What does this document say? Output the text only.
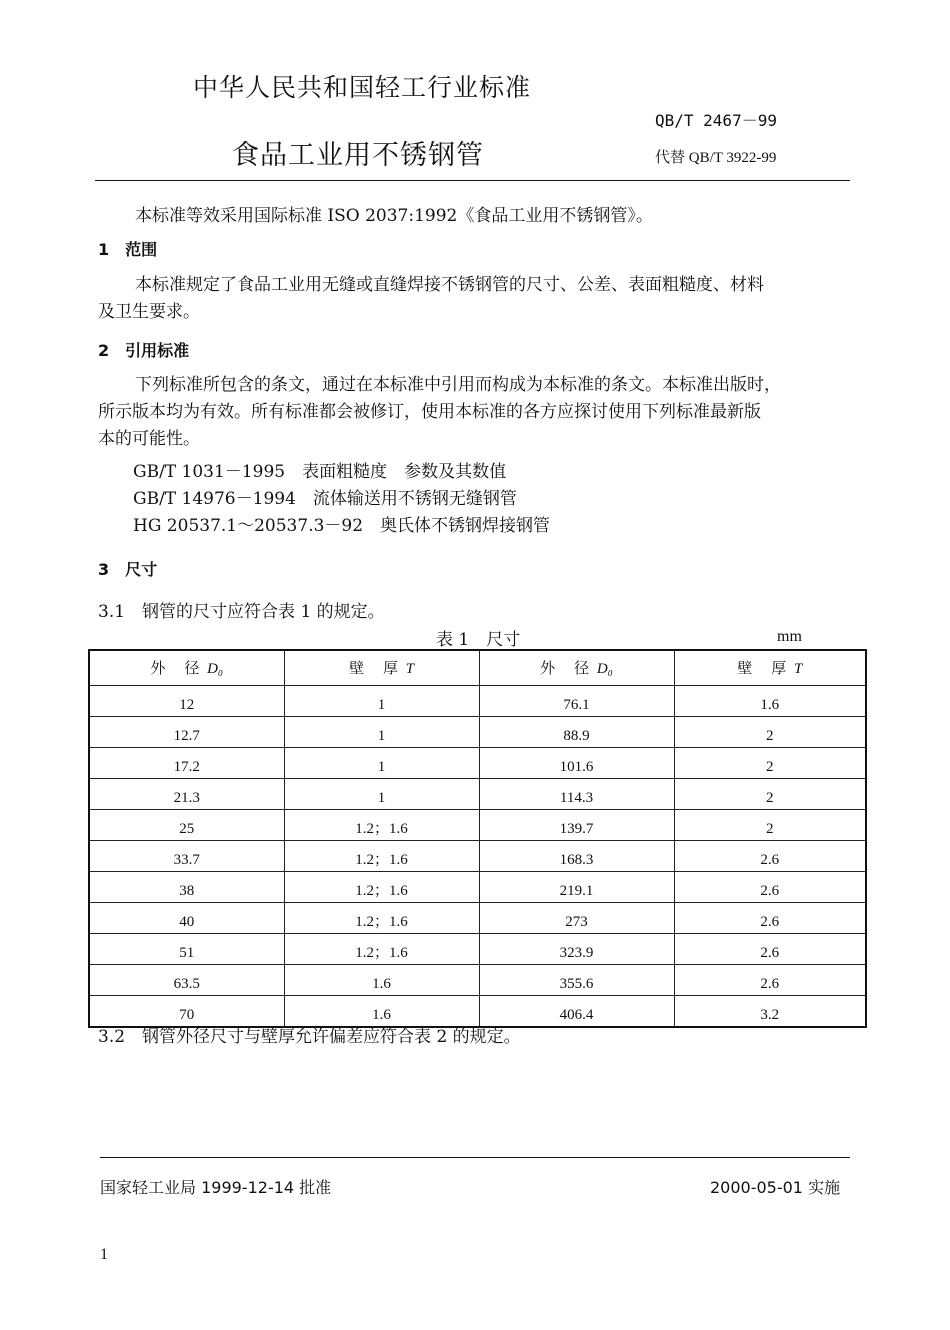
中华人民共和国轻工行业标准
QB/T 2467－99
食品工业用不锈钢管	代替 QB/T 3922-99
本标准等效采用国际标准 ISO 2037:1992《食品工业用不锈钢管》。
1　范围

本标准规定了食品工业用无缝或直缝焊接不锈钢管的尺寸、公差、表面粗糙度、材料

及卫生要求。

2　引用标准

下列标准所包含的条文，通过在本标准中引用而构成为本标准的条文。本标准出版时，

所示版本均为有效。所有标准都会被修订，使用本标准的各方应探讨使用下列标准最新版

本的可能性。

GB/T 1031－1995　表面粗糙度　参数及其数值

GB/T 14976－1994　流体输送用不锈钢无缝钢管

HG 20537.1～20537.3－92　奥氏体不锈钢焊接钢管

3　尺寸
3.1　钢管的尺寸应符合表 1 的规定。
表 1　尺寸	mm
外　径 D₀	壁　厚 T	外　径 D₀	壁　厚 T
12	1	76.1	1.6
12.7	1	88.9	2
17.2	1	101.6	2
21.3	1	114.3	2
25	1.2；1.6	139.7	2
33.7	1.2；1.6	168.3	2.6
38	1.2；1.6	219.1	2.6
40	1.2；1.6	273	2.6
51	1.2；1.6	323.9	2.6
63.5	1.6	355.6	2.6
70	1.6	406.4	3.2
3.2　钢管外径尺寸与壁厚允许偏差应符合表 2 的规定。
国家轻工业局 1999-12-14 批准	2000-05-01 实施
1
